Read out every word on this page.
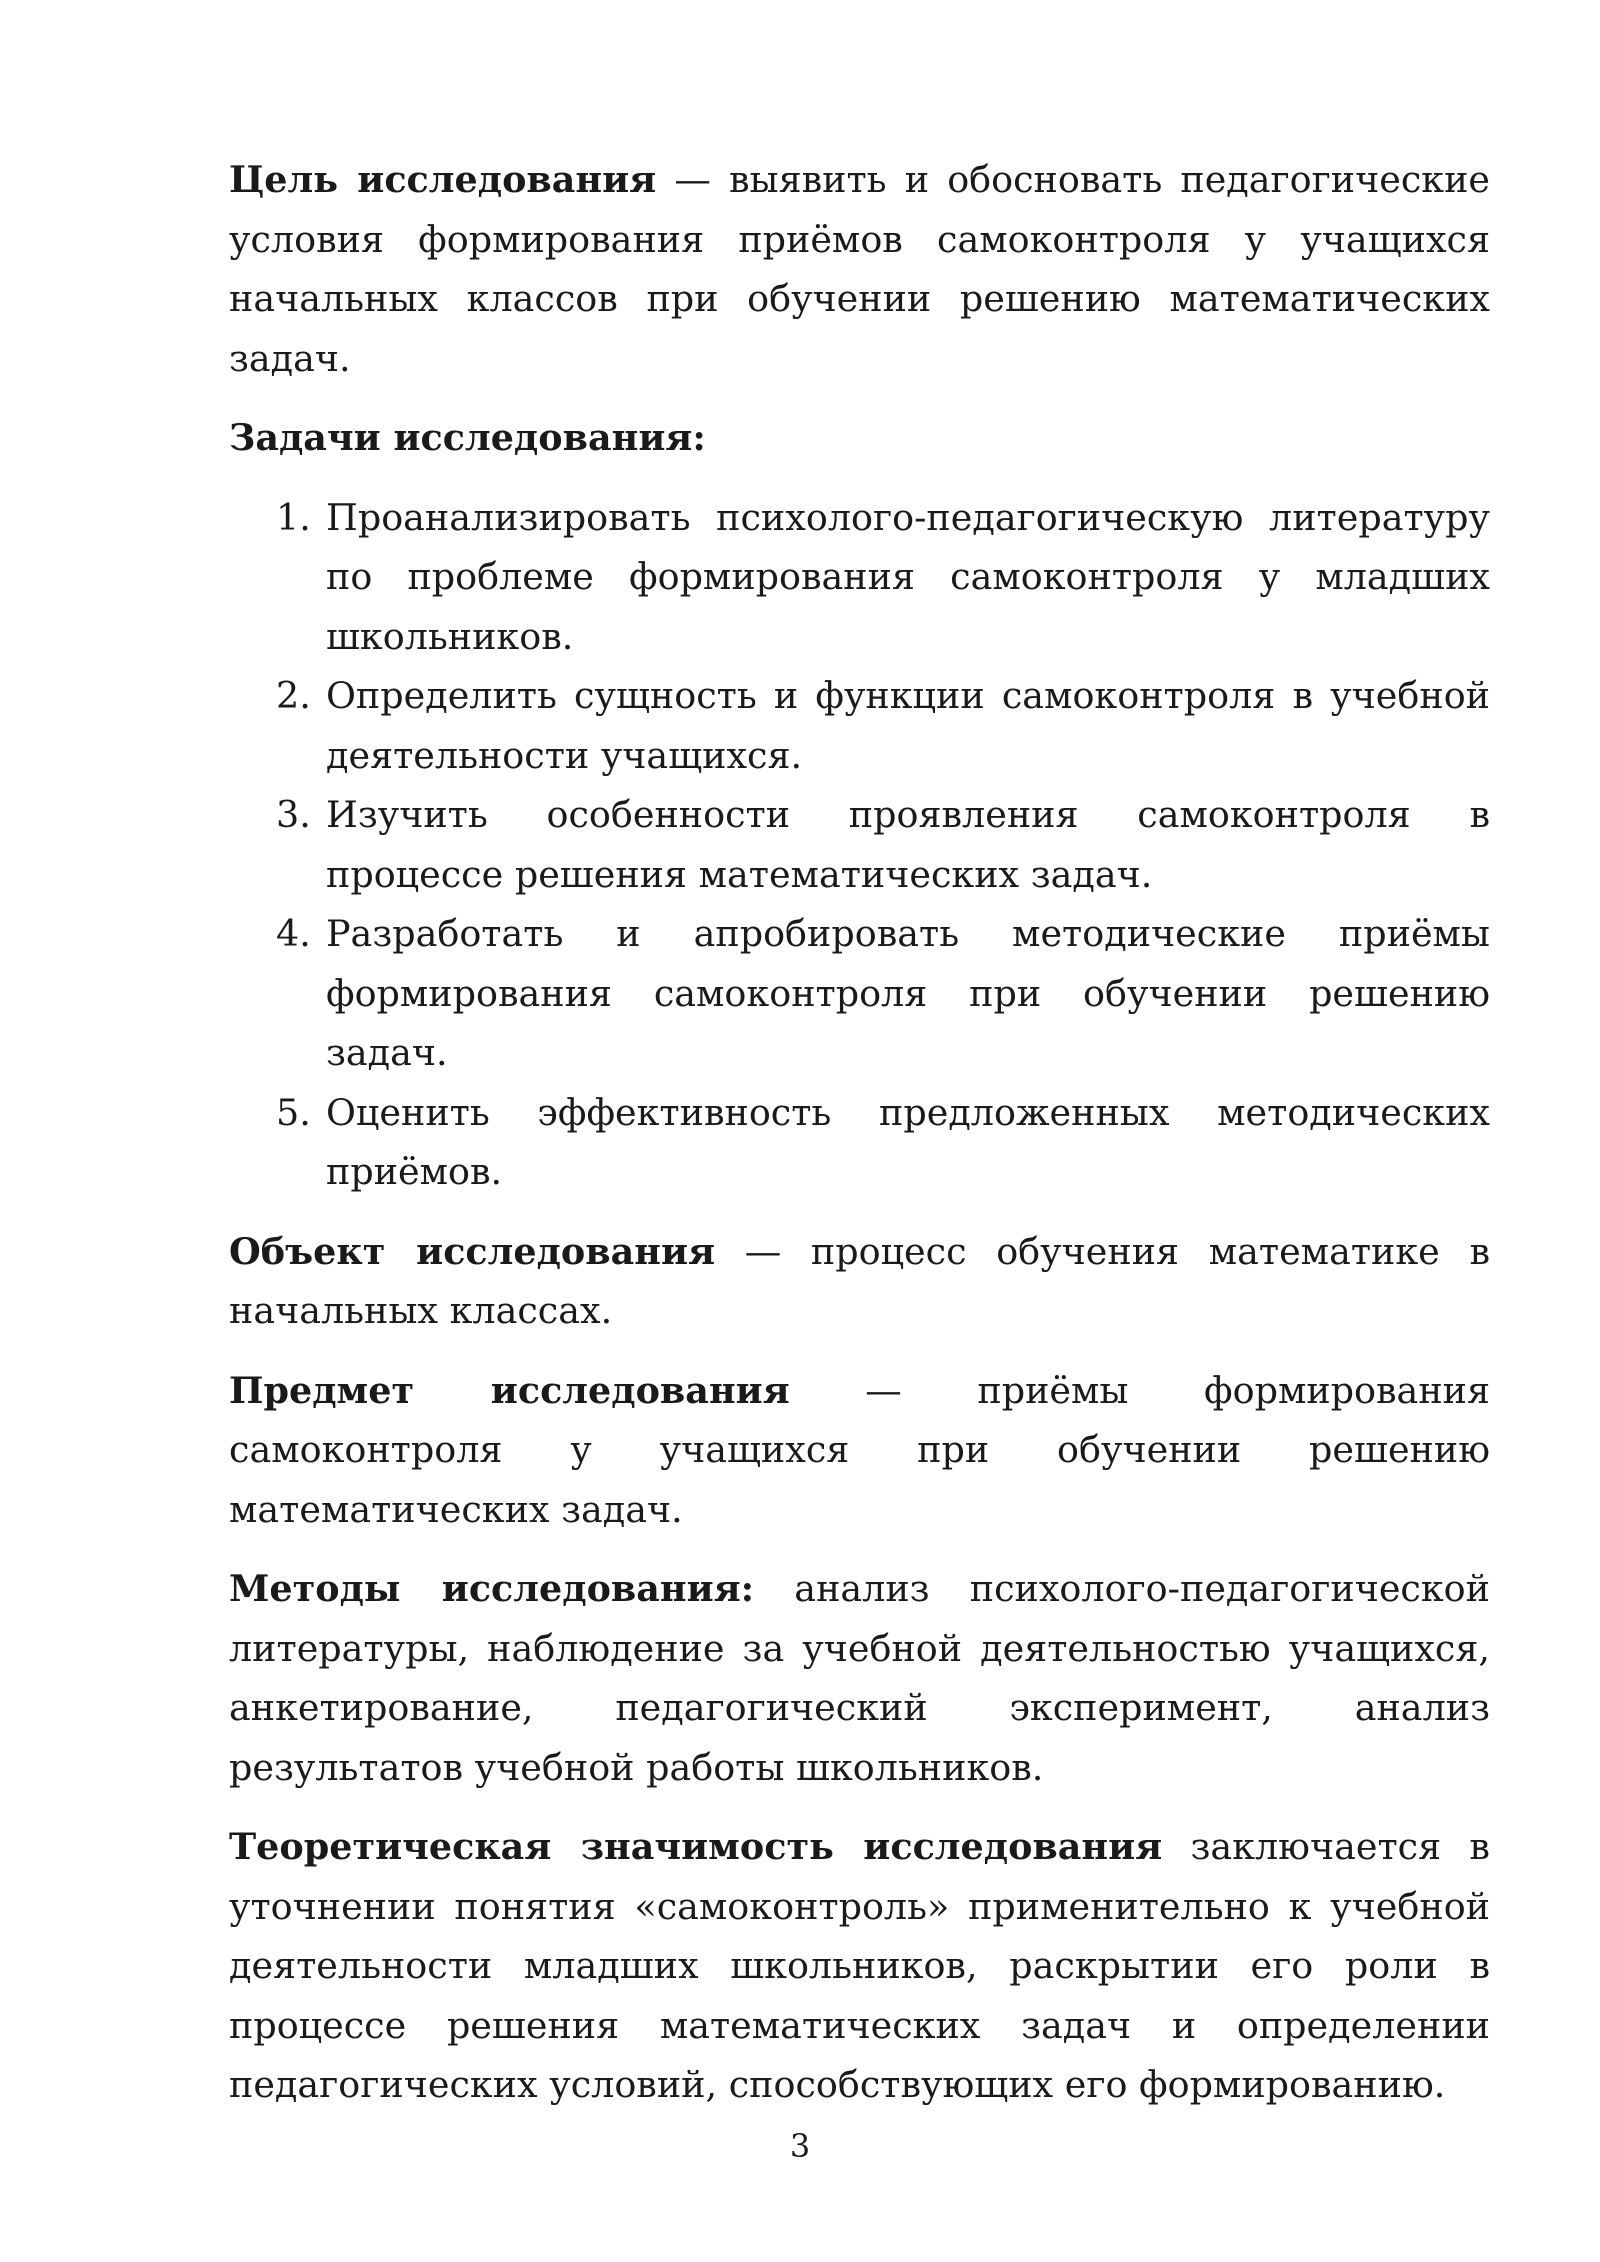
Цель исследования — выявить и обосновать педагогические условия формирования приёмов самоконтроля у учащихся начальных классов при обучении решению математических задач.

Задачи исследования:

1. Проанализировать психолого-педагогическую литературу по проблеме формирования самоконтроля у младших школьников.
2. Определить сущность и функции самоконтроля в учебной деятельности учащихся.
3. Изучить особенности проявления самоконтроля в процессе решения математических задач.
4. Разработать и апробировать методические приёмы формирования самоконтроля при обучении решению задач.
5. Оценить эффективность предложенных методических приёмов.

Объект исследования — процесс обучения математике в начальных классах.

Предмет исследования — приёмы формирования самоконтроля у учащихся при обучении решению математических задач.

Методы исследования: анализ психолого-педагогической литературы, наблюдение за учебной деятельностью учащихся, анкетирование, педагогический эксперимент, анализ результатов учебной работы школьников.

Теоретическая значимость исследования заключается в уточнении понятия «самоконтроль» применительно к учебной деятельности младших школьников, раскрытии его роли в процессе решения математических задач и определении педагогических условий, способствующих его формированию.

3
